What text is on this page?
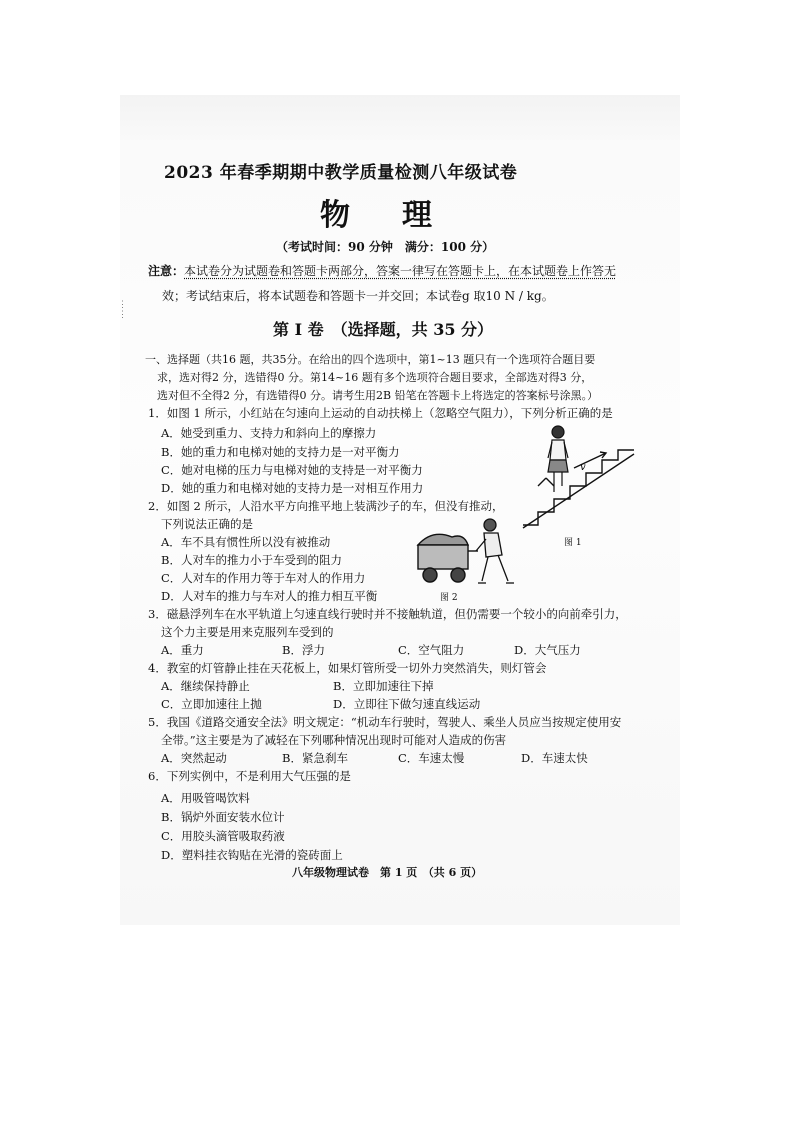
⋮
⋮
2023 年春季期期中教学质量检测八年级试卷
物理
（考试时间：90 分钟　满分：100 分）
注意：本试卷分为试题卷和答题卡两部分，答案一律写在答题卡上，在本试题卷上作答无
效；考试结束后，将本试题卷和答题卡一并交回；本试卷g 取10 N / kg。
第 Ⅰ 卷　（选择题，共 35 分）
一、选择题（共16 题，共35分。在给出的四个选项中，第1~13 题只有一个选项符合题目要
求，选对得2 分，选错得0 分。第14~16 题有多个选项符合题目要求，全部选对得3 分，
选对但不全得2 分，有选错得0 分。请考生用2B 铅笔在答题卡上将选定的答案标号涂黑。）
1．如图 1 所示，小红站在匀速向上运动的自动扶梯上（忽略空气阻力），下列分析正确的是
A．她受到重力、支持力和斜向上的摩擦力
B．她的重力和电梯对她的支持力是一对平衡力
C．她对电梯的压力与电梯对她的支持是一对平衡力
D．她的重力和电梯对她的支持力是一对相互作用力
2．如图 2 所示，人沿水平方向推平地上装满沙子的车，但没有推动，
下列说法正确的是
A．车不具有惯性所以没有被推动
B．人对车的推力小于车受到的阻力
C．人对车的作用力等于车对人的作用力
D．人对车的推力与车对人的推力相互平衡
3．磁悬浮列车在水平轨道上匀速直线行驶时并不接触轨道，但仍需要一个较小的向前牵引力，
这个力主要是用来克服列车受到的
A．重力	B．浮力	C．空气阻力	D．大气压力
4．教室的灯管静止挂在天花板上，如果灯管所受一切外力突然消失，则灯管会
A．继续保持静止	B．立即加速往下掉
C．立即加速往上抛	D．立即往下做匀速直线运动
5．我国《道路交通安全法》明文规定：“机动车行驶时，驾驶人、乘坐人员应当按规定使用安
全带。”这主要是为了减轻在下列哪种情况出现时可能对人造成的伤害
A．突然起动	B．紧急刹车	C．车速太慢	D．车速太快
6．下列实例中，不是利用大气压强的是
A．用吸管喝饮料
B．锅炉外面安装水位计
C．用胶头滴管吸取药液
D．塑料挂衣钩贴在光滑的瓷砖面上
v
图 1
图 2
八年级物理试卷　第 1 页　（共 6 页）
